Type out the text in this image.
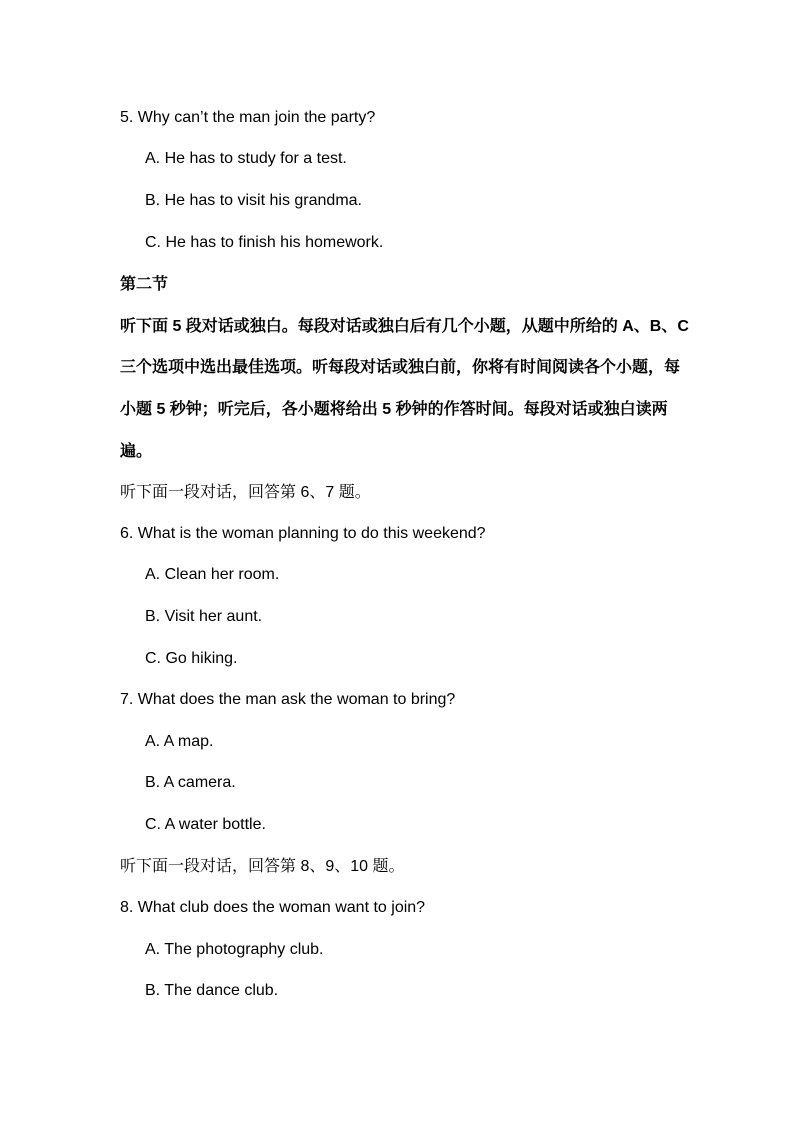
5. Why can’t the man join the party?
A. He has to study for a test.
B. He has to visit his grandma.
C. He has to finish his homework.
第二节
听下面 5 段对话或独白。每段对话或独白后有几个小题，从题中所给的 A、B、C
三个选项中选出最佳选项。听每段对话或独白前，你将有时间阅读各个小题，每
小题 5 秒钟；听完后，各小题将给出 5 秒钟的作答时间。每段对话或独白读两
遍。
听下面一段对话，回答第 6、7 题。
6. What is the woman planning to do this weekend?
A. Clean her room.
B. Visit her aunt.
C. Go hiking.
7. What does the man ask the woman to bring?
A. A map.
B. A camera.
C. A water bottle.
听下面一段对话，回答第 8、9、10 题。
8. What club does the woman want to join?
A. The photography club.
B. The dance club.
